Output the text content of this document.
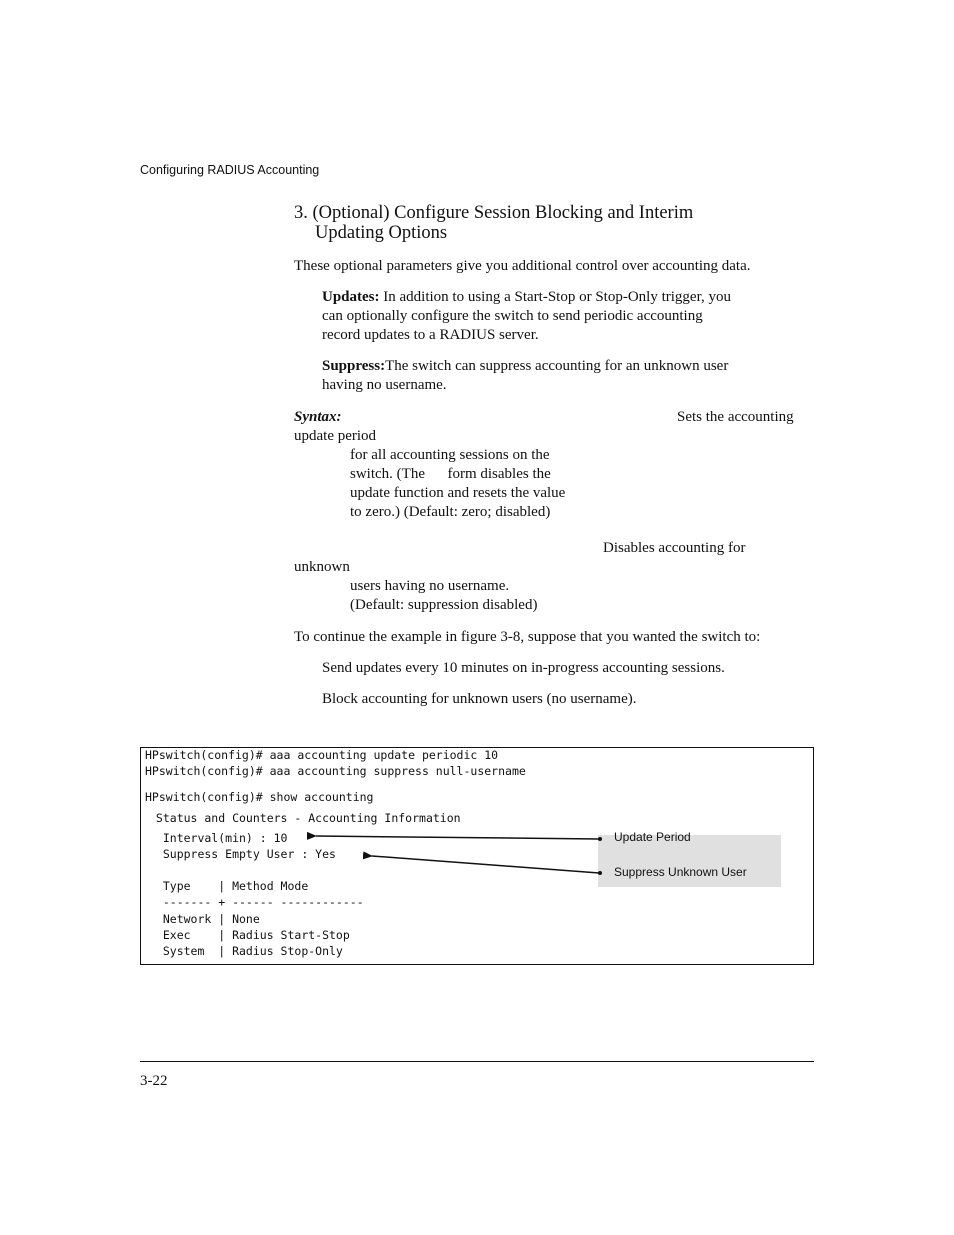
Configuring RADIUS Accounting
3. (Optional) Configure Session Blocking and Interim
Updating Options
These optional parameters give you additional control over accounting data.
Updates: In addition to using a Start-Stop or Stop-Only trigger, you
can optionally configure the switch to send periodic accounting
record updates to a RADIUS server.
Suppress:The switch can suppress accounting for an unknown user
having no username.
Syntax:	Sets the accounting
update period
for all accounting sessions on the
switch. (The      form disables the
update function and resets the value
to zero.) (Default: zero; disabled)
Disables accounting for
unknown
users having no username.
(Default: suppression disabled)
To continue the example in figure 3-8, suppose that you wanted the switch to:
Send updates every 10 minutes on in-progress accounting sessions.
Block accounting for unknown users (no username).
HPswitch(config)# aaa accounting update periodic 10
HPswitch(config)# aaa accounting suppress null-username
HPswitch(config)# show accounting
Status and Counters - Accounting Information
Interval(min) : 10
Suppress Empty User : Yes
Type    | Method Mode
------- + ------ ------------
Network | None
Exec    | Radius Start-Stop
System  | Radius Stop-Only
Update Period
Suppress Unknown User
3-22
